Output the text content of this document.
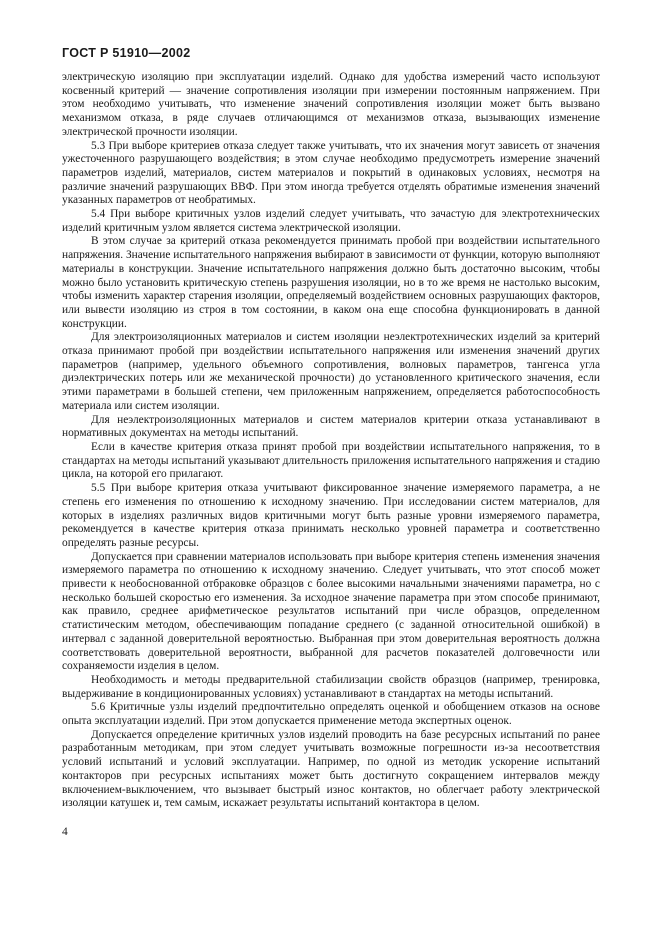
ГОСТ Р 51910—2002

электрическую изоляцию при эксплуатации изделий. Однако для удобства измерений часто используют косвенный критерий — значение сопротивления изоляции при измерении постоянным напряжением. При этом необходимо учитывать, что изменение значений сопротивления изоляции может быть вызвано механизмом отказа, в ряде случаев отличающимся от механизмов отказа, вызывающих изменение электрической прочности изоляции.

5.3 При выборе критериев отказа следует также учитывать, что их значения могут зависеть от значения ужесточенного разрушающего воздействия; в этом случае необходимо предусмотреть измерение значений параметров изделий, материалов, систем материалов и покрытий в одинаковых условиях, несмотря на различие значений разрушающих ВВФ. При этом иногда требуется отделять обратимые изменения значений указанных параметров от необратимых.

5.4 При выборе критичных узлов изделий следует учитывать, что зачастую для электротехнических изделий критичным узлом является система электрической изоляции.

В этом случае за критерий отказа рекомендуется принимать пробой при воздействии испытательного напряжения. Значение испытательного напряжения выбирают в зависимости от функции, которую выполняют материалы в конструкции. Значение испытательного напряжения должно быть достаточно высоким, чтобы можно было установить критическую степень разрушения изоляции, но в то же время не настолько высоким, чтобы изменить характер старения изоляции, определяемый воздействием основных разрушающих факторов, или вывести изоляцию из строя в том состоянии, в каком она еще способна функционировать в данной конструкции.

Для электроизоляционных материалов и систем изоляции неэлектротехнических изделий за критерий отказа принимают пробой при воздействии испытательного напряжения или изменения значений других параметров (например, удельного объемного сопротивления, волновых параметров, тангенса угла диэлектрических потерь или же механической прочности) до установленного критического значения, если этими параметрами в большей степени, чем приложенным напряжением, определяется работоспособность материала или систем изоляции.

Для неэлектроизоляционных материалов и систем материалов критерии отказа устанавливают в нормативных документах на методы испытаний.

Если в качестве критерия отказа принят пробой при воздействии испытательного напряжения, то в стандартах на методы испытаний указывают длительность приложения испытательного напряжения и стадию цикла, на которой его прилагают.

5.5 При выборе критерия отказа учитывают фиксированное значение измеряемого параметра, а не степень его изменения по отношению к исходному значению. При исследовании систем материалов, для которых в изделиях различных видов критичными могут быть разные уровни измеряемого параметра, рекомендуется в качестве критерия отказа принимать несколько уровней параметра и соответственно определять разные ресурсы.

Допускается при сравнении материалов использовать при выборе критерия степень изменения значения измеряемого параметра по отношению к исходному значению. Следует учитывать, что этот способ может привести к необоснованной отбраковке образцов с более высокими начальными значениями параметра, но с несколько большей скоростью его изменения. За исходное значение параметра при этом способе принимают, как правило, среднее арифметическое результатов испытаний при числе образцов, определенном статистическим методом, обеспечивающим попадание среднего (с заданной относительной ошибкой) в интервал с заданной доверительной вероятностью. Выбранная при этом доверительная вероятность должна соответствовать доверительной вероятности, выбранной для расчетов показателей долговечности или сохраняемости изделия в целом.

Необходимость и методы предварительной стабилизации свойств образцов (например, тренировка, выдерживание в кондиционированных условиях) устанавливают в стандартах на методы испытаний.

5.6 Критичные узлы изделий предпочтительно определять оценкой и обобщением отказов на основе опыта эксплуатации изделий. При этом допускается применение метода экспертных оценок.

Допускается определение критичных узлов изделий проводить на базе ресурсных испытаний по ранее разработанным методикам, при этом следует учитывать возможные погрешности из-за несоответствия условий испытаний и условий эксплуатации. Например, по одной из методик ускорение испытаний контакторов при ресурсных испытаниях может быть достигнуто сокращением интервалов между включением-выключением, что вызывает быстрый износ контактов, но облегчает работу электрической изоляции катушек и, тем самым, искажает результаты испытаний контактора в целом.

4
